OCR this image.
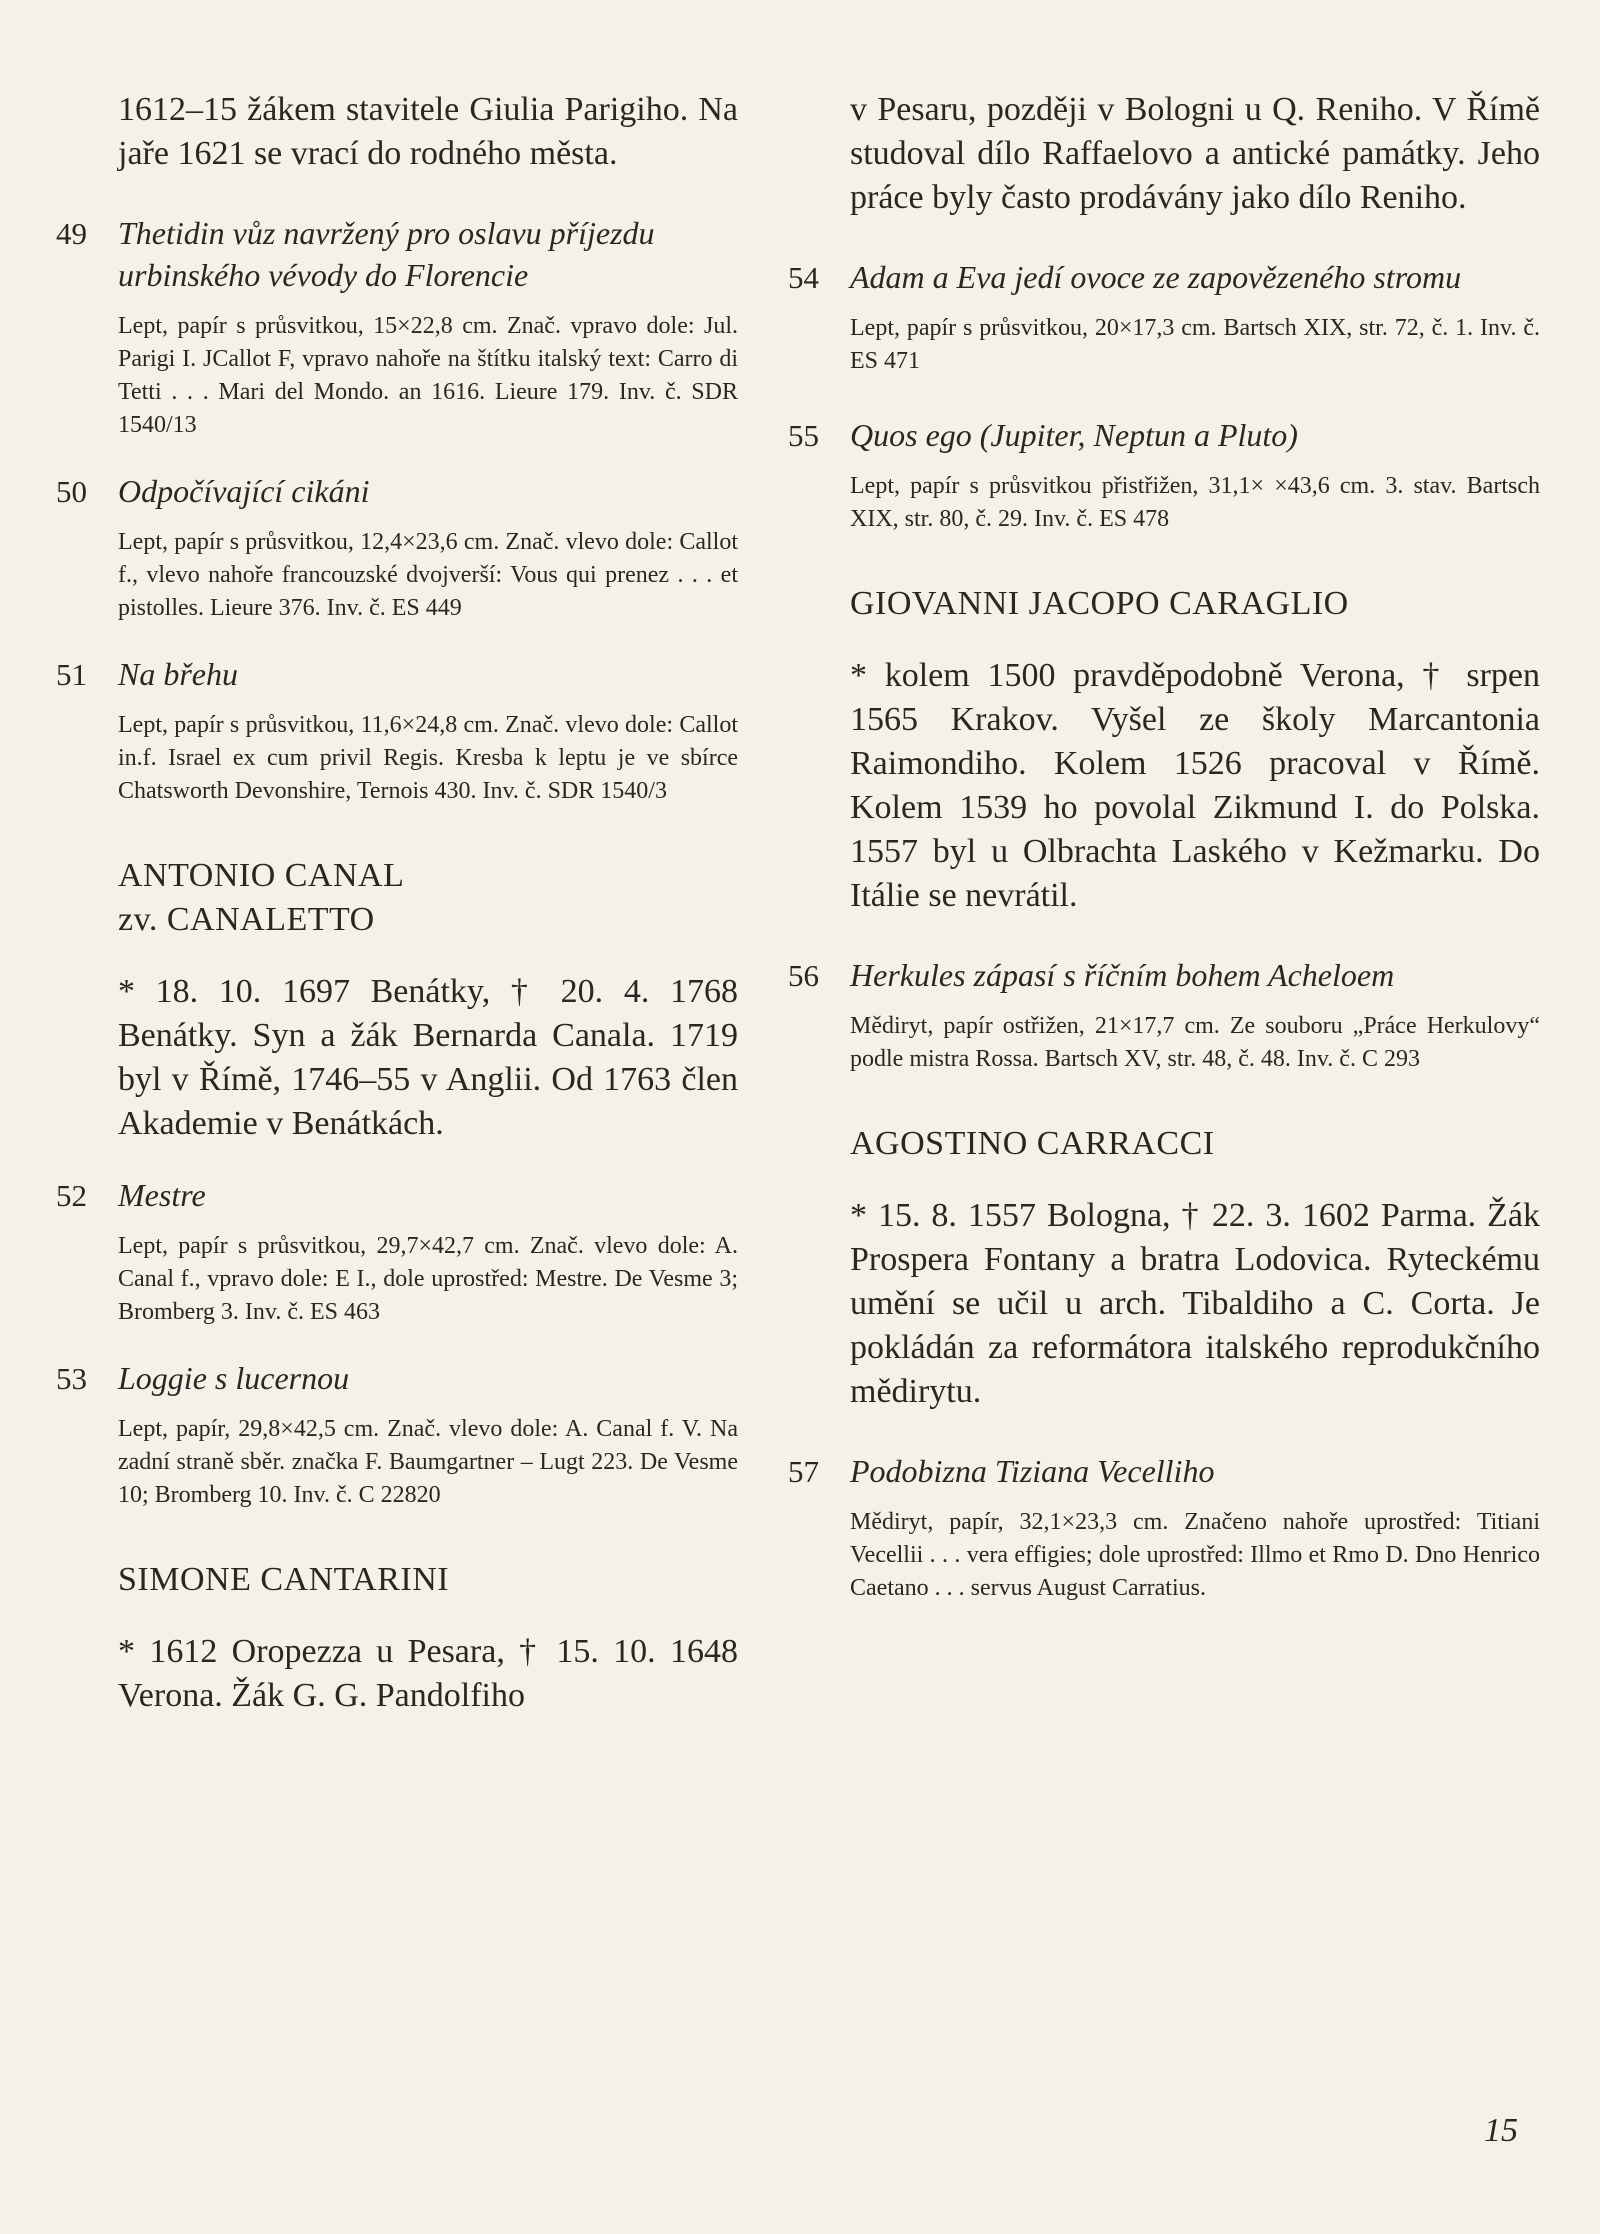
1612–15 žákem stavitele Giulia Parigiho. Na jaře 1621 se vrací do rodného města.

49 Thetidin vůz navržený pro oslavu příjezdu urbinského vévody do Florencie

Lept, papír s průsvitkou, 15×22,8 cm. Znač. vpravo dole: Jul. Parigi I. JCallot F, vpravo nahoře na štítku italský text: Carro di Tetti . . . Mari del Mondo. an 1616. Lieure 179. Inv. č. SDR 1540/13

50 Odpočívající cikáni

Lept, papír s průsvitkou, 12,4×23,6 cm. Znač. vlevo dole: Callot f., vlevo nahoře francouzské dvojverší: Vous qui prenez . . . et pistolles. Lieure 376. Inv. č. ES 449

51 Na břehu

Lept, papír s průsvitkou, 11,6×24,8 cm. Znač. vlevo dole: Callot in.f. Israel ex cum privil Regis. Kresba k leptu je ve sbírce Chatsworth Devonshire, Ternois 430. Inv. č. SDR 1540/3

ANTONIO CANAL

zv. CANALETTO

* 18. 10. 1697 Benátky, † 20. 4. 1768 Benátky. Syn a žák Bernarda Canala. 1719 byl v Římě, 1746–55 v Anglii. Od 1763 člen Akademie v Benátkách.

52 Mestre

Lept, papír s průsvitkou, 29,7×42,7 cm. Znač. vlevo dole: A. Canal f., vpravo dole: E I., dole uprostřed: Mestre. De Vesme 3; Bromberg 3. Inv. č. ES 463

53 Loggie s lucernou

Lept, papír, 29,8×42,5 cm. Znač. vlevo dole: A. Canal f. V. Na zadní straně sběr. značka F. Baumgartner – Lugt 223. De Vesme 10; Bromberg 10. Inv. č. C 22820

SIMONE CANTARINI

* 1612 Oropezza u Pesara, † 15. 10. 1648 Verona. Žák G. G. Pandolfiho

v Pesaru, později v Bologni u Q. Reniho. V Římě studoval dílo Raffaelovo a antické památky. Jeho práce byly často prodávány jako dílo Reniho.

54 Adam a Eva jedí ovoce ze zapovězeného stromu

Lept, papír s průsvitkou, 20×17,3 cm. Bartsch XIX, str. 72, č. 1. Inv. č. ES 471

55 Quos ego (Jupiter, Neptun a Pluto)

Lept, papír s průsvitkou přistřižen, 31,1× ×43,6 cm. 3. stav. Bartsch XIX, str. 80, č. 29. Inv. č. ES 478

GIOVANNI JACOPO CARAGLIO

* kolem 1500 pravděpodobně Verona, † srpen 1565 Krakov. Vyšel ze školy Marcantonia Raimondiho. Kolem 1526 pracoval v Římě. Kolem 1539 ho povolal Zikmund I. do Polska. 1557 byl u Olbrachta Laského v Kežmarku. Do Itálie se nevrátil.

56 Herkules zápasí s říčním bohem Acheloem

Mědiryt, papír ostřižen, 21×17,7 cm. Ze souboru „Práce Herkulovy“ podle mistra Rossa. Bartsch XV, str. 48, č. 48. Inv. č. C 293

AGOSTINO CARRACCI

* 15. 8. 1557 Bologna, † 22. 3. 1602 Parma. Žák Prospera Fontany a bratra Lodovica. Ryteckému umění se učil u arch. Tibaldiho a C. Corta. Je pokládán za reformátora italského reprodukčního mědirytu.

57 Podobizna Tiziana Vecelliho

Mědiryt, papír, 32,1×23,3 cm. Značeno nahoře uprostřed: Titiani Vecellii . . . vera effigies; dole uprostřed: Illmo et Rmo D. Dno Henrico Caetano . . . servus August Carratius.

15
